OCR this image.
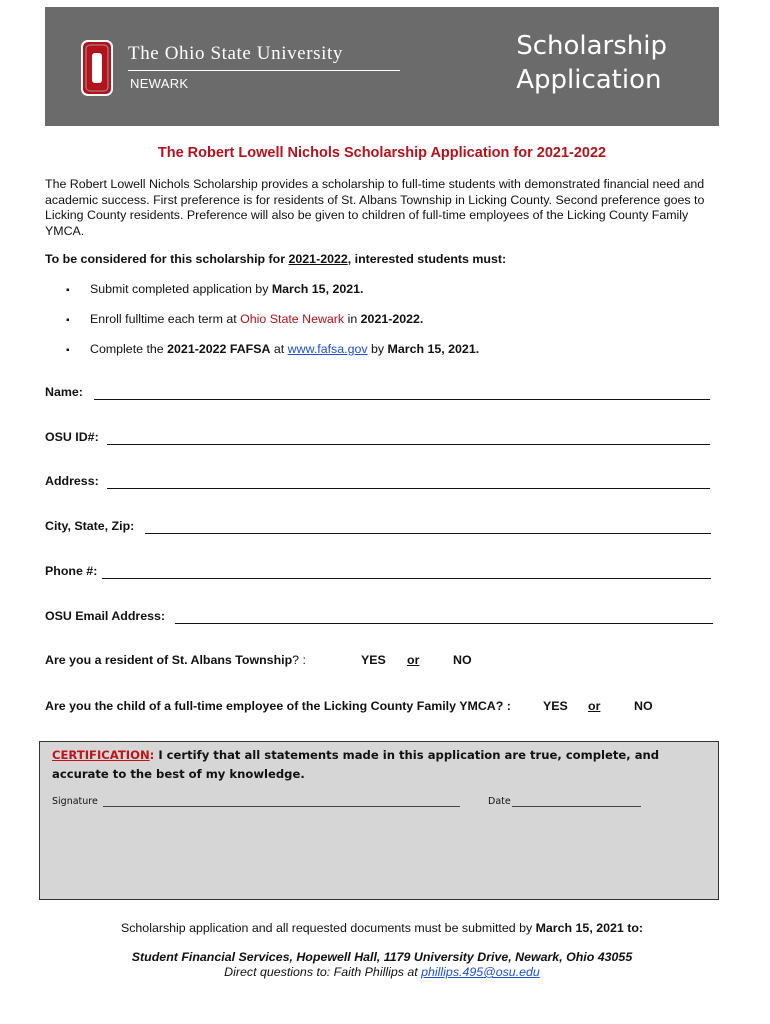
The Ohio State University
NEWARK
Scholarship
Application
The Robert Lowell Nichols Scholarship Application for 2021-2022
The Robert Lowell Nichols Scholarship provides a scholarship to full-time students with demonstrated financial need and academic success. First preference is for residents of St. Albans Township in Licking County. Second preference goes to Licking County residents. Preference will also be given to children of full-time employees of the Licking County Family YMCA.
To be considered for this scholarship for 2021-2022, interested students must:
▪ Submit completed application by March 15, 2021.
▪ Enroll fulltime each term at Ohio State Newark in 2021-2022.
▪ Complete the 2021-2022 FAFSA at www.fafsa.gov by March 15, 2021.
Name:
OSU ID#:
Address:
City, State, Zip:
Phone #:
OSU Email Address:
Are you a resident of St. Albans Township? :	YES or	NO
Are you the child of a full-time employee of the Licking County Family YMCA? :	YES or	NO
CERTIFICATION: I certify that all statements made in this application are true, complete, and accurate to the best of my knowledge.
Signature	Date
Scholarship application and all requested documents must be submitted by March 15, 2021 to:
Student Financial Services, Hopewell Hall, 1179 University Drive, Newark, Ohio 43055
Direct questions to: Faith Phillips at phillips.495@osu.edu
